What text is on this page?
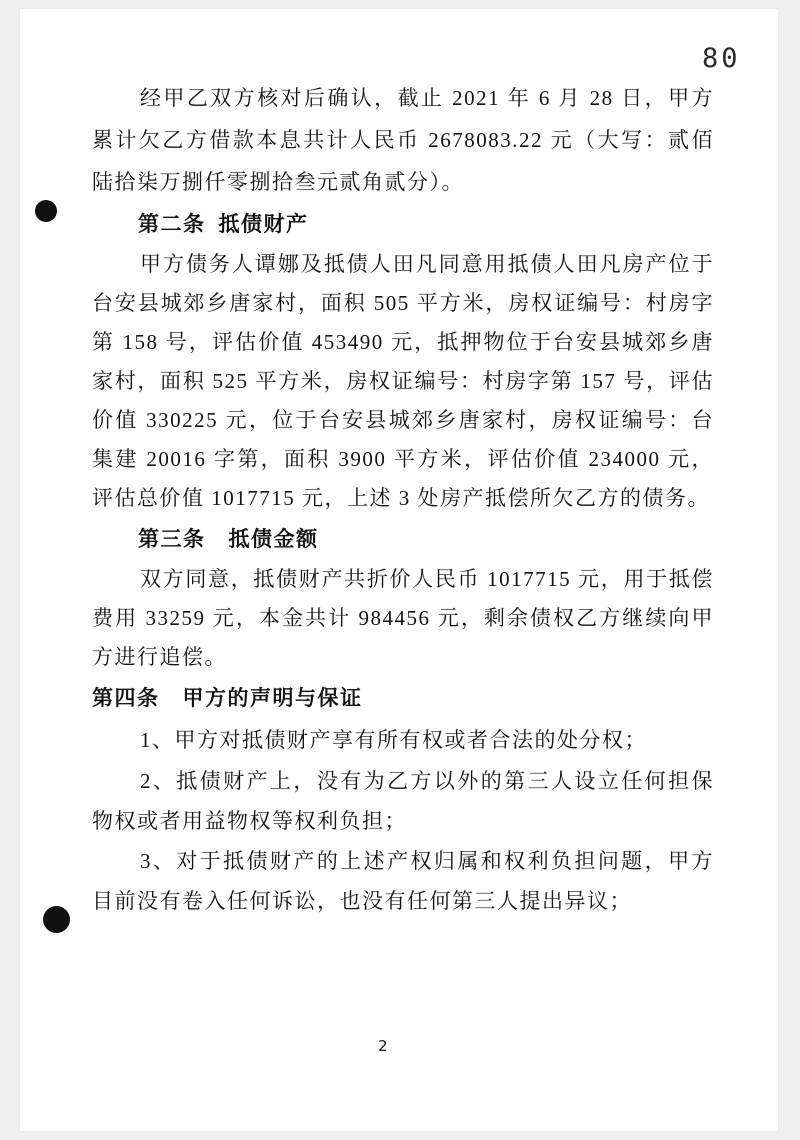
80

经甲乙双方核对后确认，截止 2021 年 6 月 28 日，甲方累计欠乙方借款本息共计人民币 2678083.22 元（大写：贰佰陆拾柒万捌仟零捌拾叁元贰角贰分）。

第二条 抵债财产

甲方债务人谭娜及抵债人田凡同意用抵债人田凡房产位于台安县城郊乡唐家村，面积 505 平方米，房权证编号：村房字第 158 号，评估价值 453490 元，抵押物位于台安县城郊乡唐家村，面积 525 平方米，房权证编号：村房字第 157 号，评估价值 330225 元，位于台安县城郊乡唐家村，房权证编号：台集建 20016 字第，面积 3900 平方米，评估价值 234000 元，评估总价值 1017715 元，上述 3 处房产抵偿所欠乙方的债务。

第三条 抵债金额

双方同意，抵债财产共折价人民币 1017715 元，用于抵偿费用 33259 元，本金共计 984456 元，剩余债权乙方继续向甲方进行追偿。

第四条 甲方的声明与保证

1、甲方对抵债财产享有所有权或者合法的处分权；

2、抵债财产上，没有为乙方以外的第三人设立任何担保物权或者用益物权等权利负担；

3、对于抵债财产的上述产权归属和权利负担问题，甲方目前没有卷入任何诉讼，也没有任何第三人提出异议；

2
